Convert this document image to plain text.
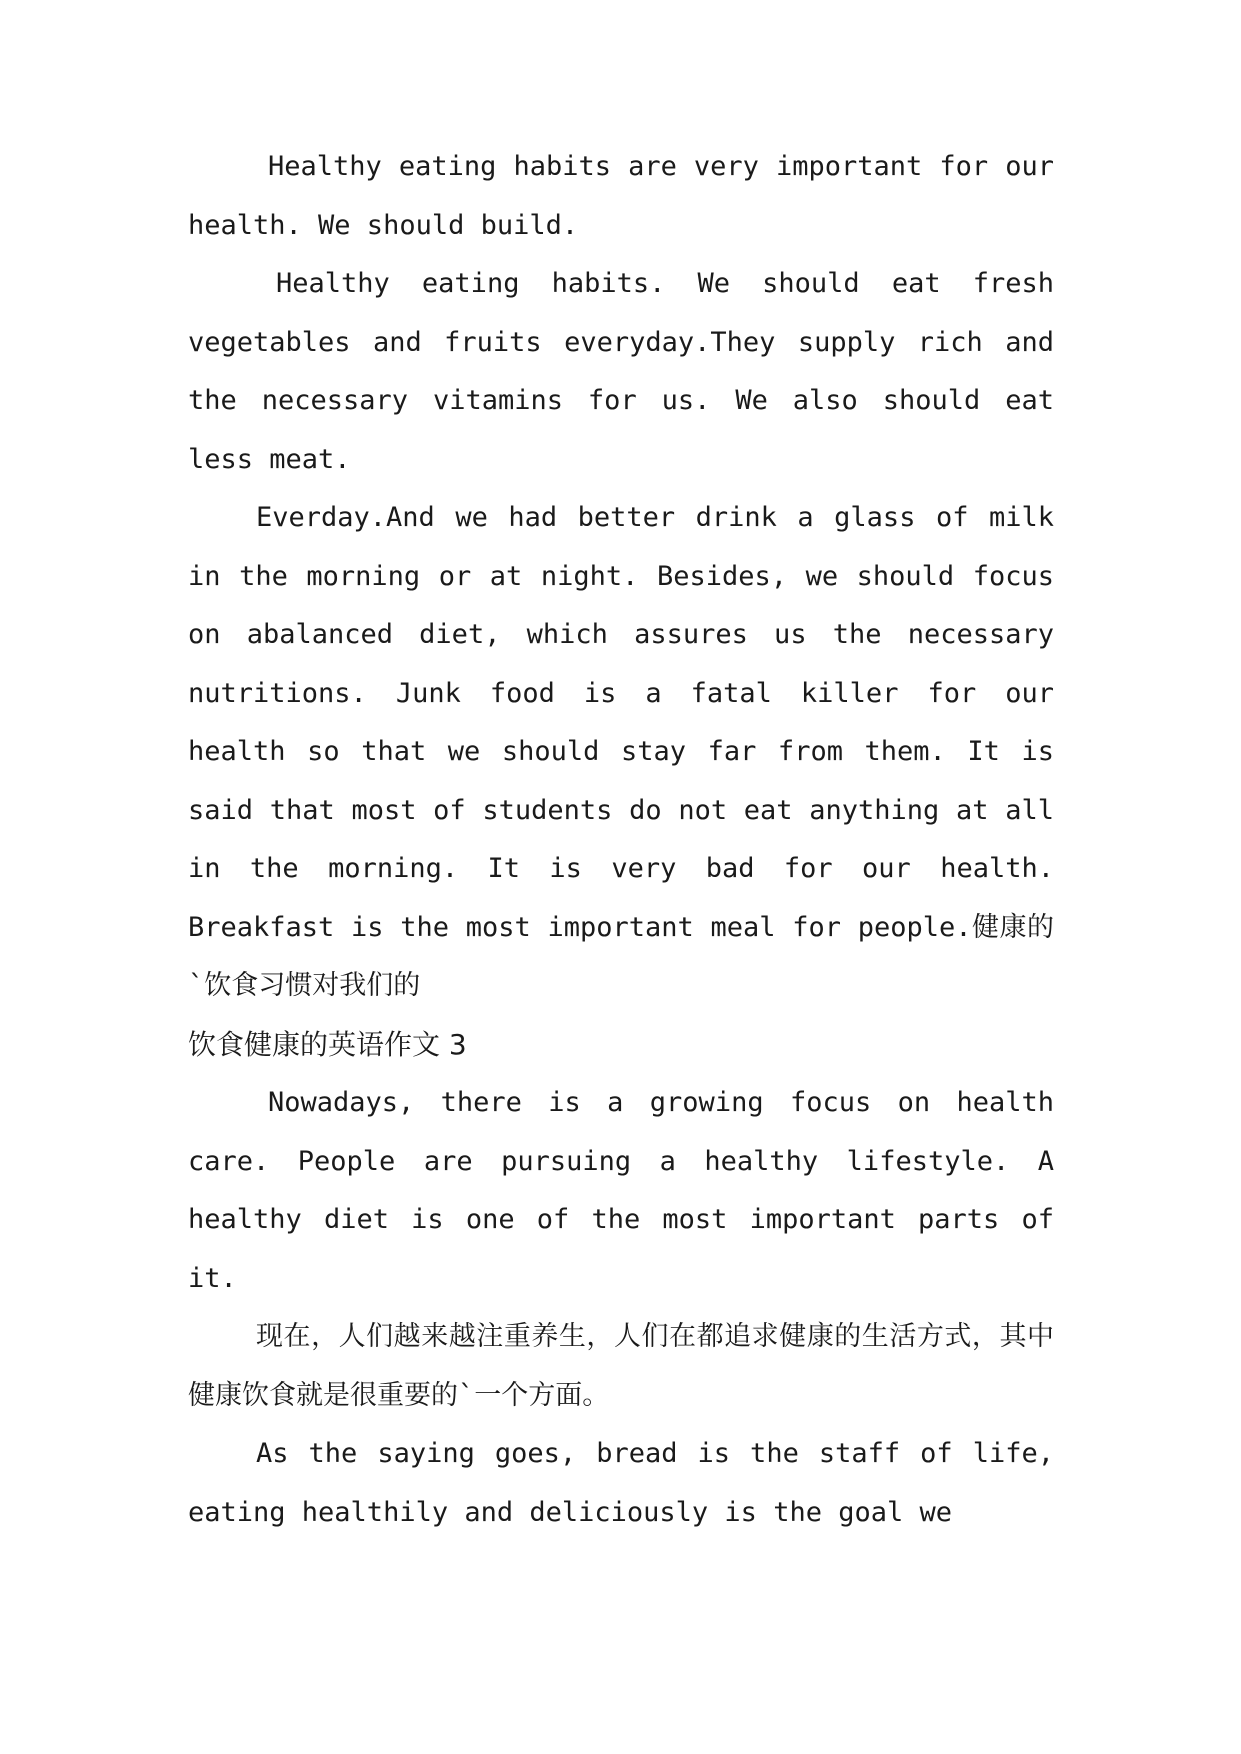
Healthy eating habits are very important for our health. We should build.

Healthy eating habits. We should eat fresh vegetables and fruits everyday.They supply rich and the necessary vitamins for us. We also should eat less meat.

Everday.And we had better drink a glass of milk in the morning or at night. Besides, we should focus on abalanced diet, which assures us the necessary nutritions. Junk food is a fatal killer for our health so that we should stay far from them. It is said that most of students do not eat anything at all in the morning. It is very bad for our health. Breakfast is the most important meal for people.健康的`饮食习惯对我们的

饮食健康的英语作文 3

Nowadays, there is a growing focus on health care. People are pursuing a healthy lifestyle. A healthy diet is one of the most important parts of it.

现在，人们越来越注重养生，人们在都追求健康的生活方式，其中健康饮食就是很重要的`一个方面。

As the saying goes, bread is the staff of life, eating healthily and deliciously is the goal we
